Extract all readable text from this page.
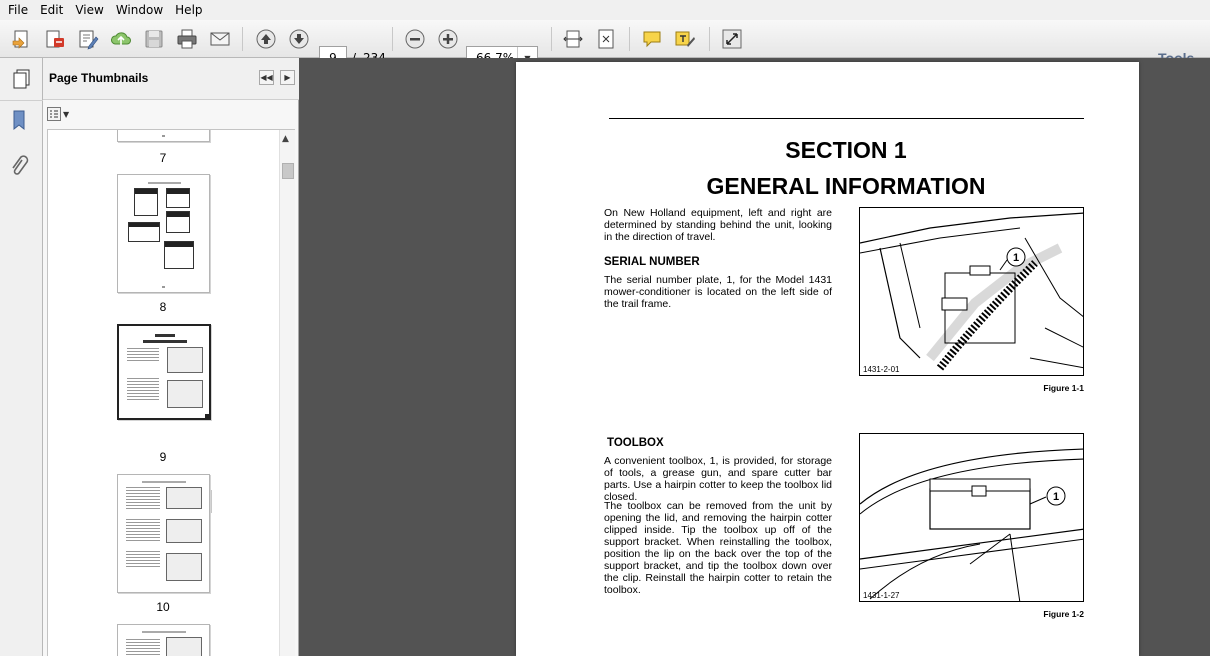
File	Edit	View	Window	Help
Page Thumbnails	◀◀	▶
▼
7
8
9
10
▲	SECTION 1
GENERAL INFORMATION
On New Holland equipment, left and right are determined by standing behind the unit, looking in the direction of travel.
SERIAL NUMBER
The serial number plate, 1, for the Model 1431 mower-conditioner is located on the left side of the trail frame.
1
1431-2-01
Figure 1-1
TOOLBOX
A convenient toolbox, 1, is provided, for storage of tools, a grease gun, and spare cutter bar parts. Use a hairpin cotter to keep the toolbox lid closed.
The toolbox can be removed from the unit by opening the lid, and removing the hairpin cotter clipped inside. Tip the toolbox up off of the support bracket. When reinstalling the toolbox, position the lip on the back over the top of the support bracket, and tip the toolbox down over the clip. Reinstall the hairpin cotter to retain the toolbox.
1
1431-1-27
Figure 1-2
